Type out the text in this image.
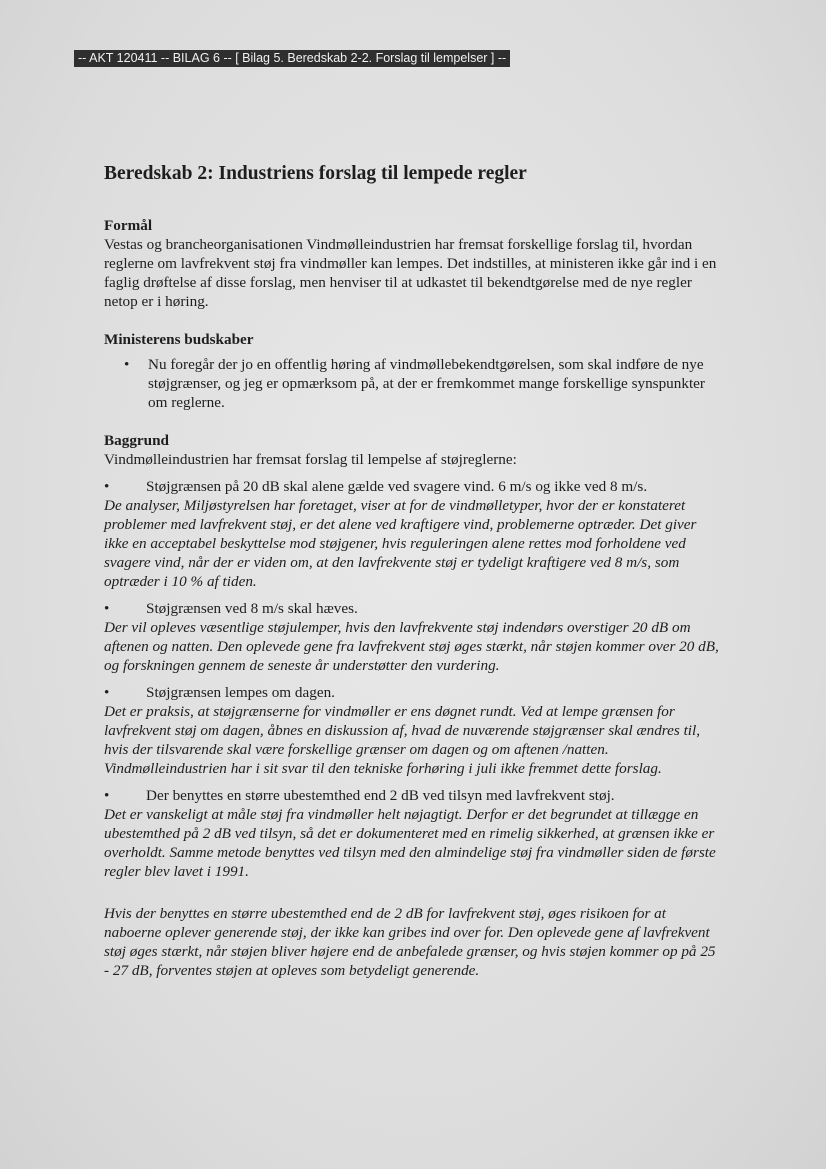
-- AKT 120411 -- BILAG 6 -- [ Bilag 5. Beredskab 2-2. Forslag til lempelser ] --
Beredskab 2: Industriens forslag til lempede regler
Formål

Vestas og brancheorganisationen Vindmølleindustrien har fremsat forskellige forslag til, hvordan reglerne om lavfrekvent støj fra vindmøller kan lempes. Det indstilles, at ministeren ikke går ind i en faglig drøftelse af disse forslag, men henviser til at udkastet til bekendtgørelse med de nye regler netop er i høring.

Ministerens budskaber
• Nu foregår der jo en offentlig høring af vindmøllebekendtgørelsen, som skal indføre de nye støjgrænser, og jeg er opmærksom på, at der er fremkommet mange forskellige synspunkter om reglerne.
Baggrund

Vindmølleindustrien har fremsat forslag til lempelse af støjreglerne:

• Støjgrænsen på 20 dB skal alene gælde ved svagere vind. 6 m/s og ikke ved 8 m/s.

De analyser, Miljøstyrelsen har foretaget, viser at for de vindmølletyper, hvor der er konstateret problemer med lavfrekvent støj, er det alene ved kraftigere vind, problemerne optræder. Det giver ikke en acceptabel beskyttelse mod støjgener, hvis reguleringen alene rettes mod forholdene ved svagere vind, når der er viden om, at den lavfrekvente støj er tydeligt kraftigere ved 8 m/s, som optræder i 10 % af tiden.

• Støjgrænsen ved 8 m/s skal hæves.

Der vil opleves væsentlige støjulemper, hvis den lavfrekvente støj indendørs overstiger 20 dB om aftenen og natten. Den oplevede gene fra lavfrekvent støj øges stærkt, når støjen kommer over 20 dB, og forskningen gennem de seneste år understøtter den vurdering.

• Støjgrænsen lempes om dagen.

Det er praksis, at støjgrænserne for vindmøller er ens døgnet rundt. Ved at lempe grænsen for lavfrekvent støj om dagen, åbnes en diskussion af, hvad de nuværende støjgrænser skal ændres til, hvis der tilsvarende skal være forskellige grænser om dagen og om aftenen /natten. Vindmølleindustrien har i sit svar til den tekniske forhøring i juli ikke fremmet dette forslag.

• Der benyttes en større ubestemthed end 2 dB ved tilsyn med lavfrekvent støj.

Det er vanskeligt at måle støj fra vindmøller helt nøjagtigt. Derfor er det begrundet at tillægge en ubestemthed på 2 dB ved tilsyn, så det er dokumenteret med en rimelig sikkerhed, at grænsen ikke er overholdt. Samme metode benyttes ved tilsyn med den almindelige støj fra vindmøller siden de første regler blev lavet i 1991.

Hvis der benyttes en større ubestemthed end de 2 dB for lavfrekvent støj, øges risikoen for at naboerne oplever generende støj, der ikke kan gribes ind over for. Den oplevede gene af lavfrekvent støj øges stærkt, når støjen bliver højere end de anbefalede grænser, og hvis støjen kommer op på 25 - 27 dB, forventes støjen at opleves som betydeligt generende.
